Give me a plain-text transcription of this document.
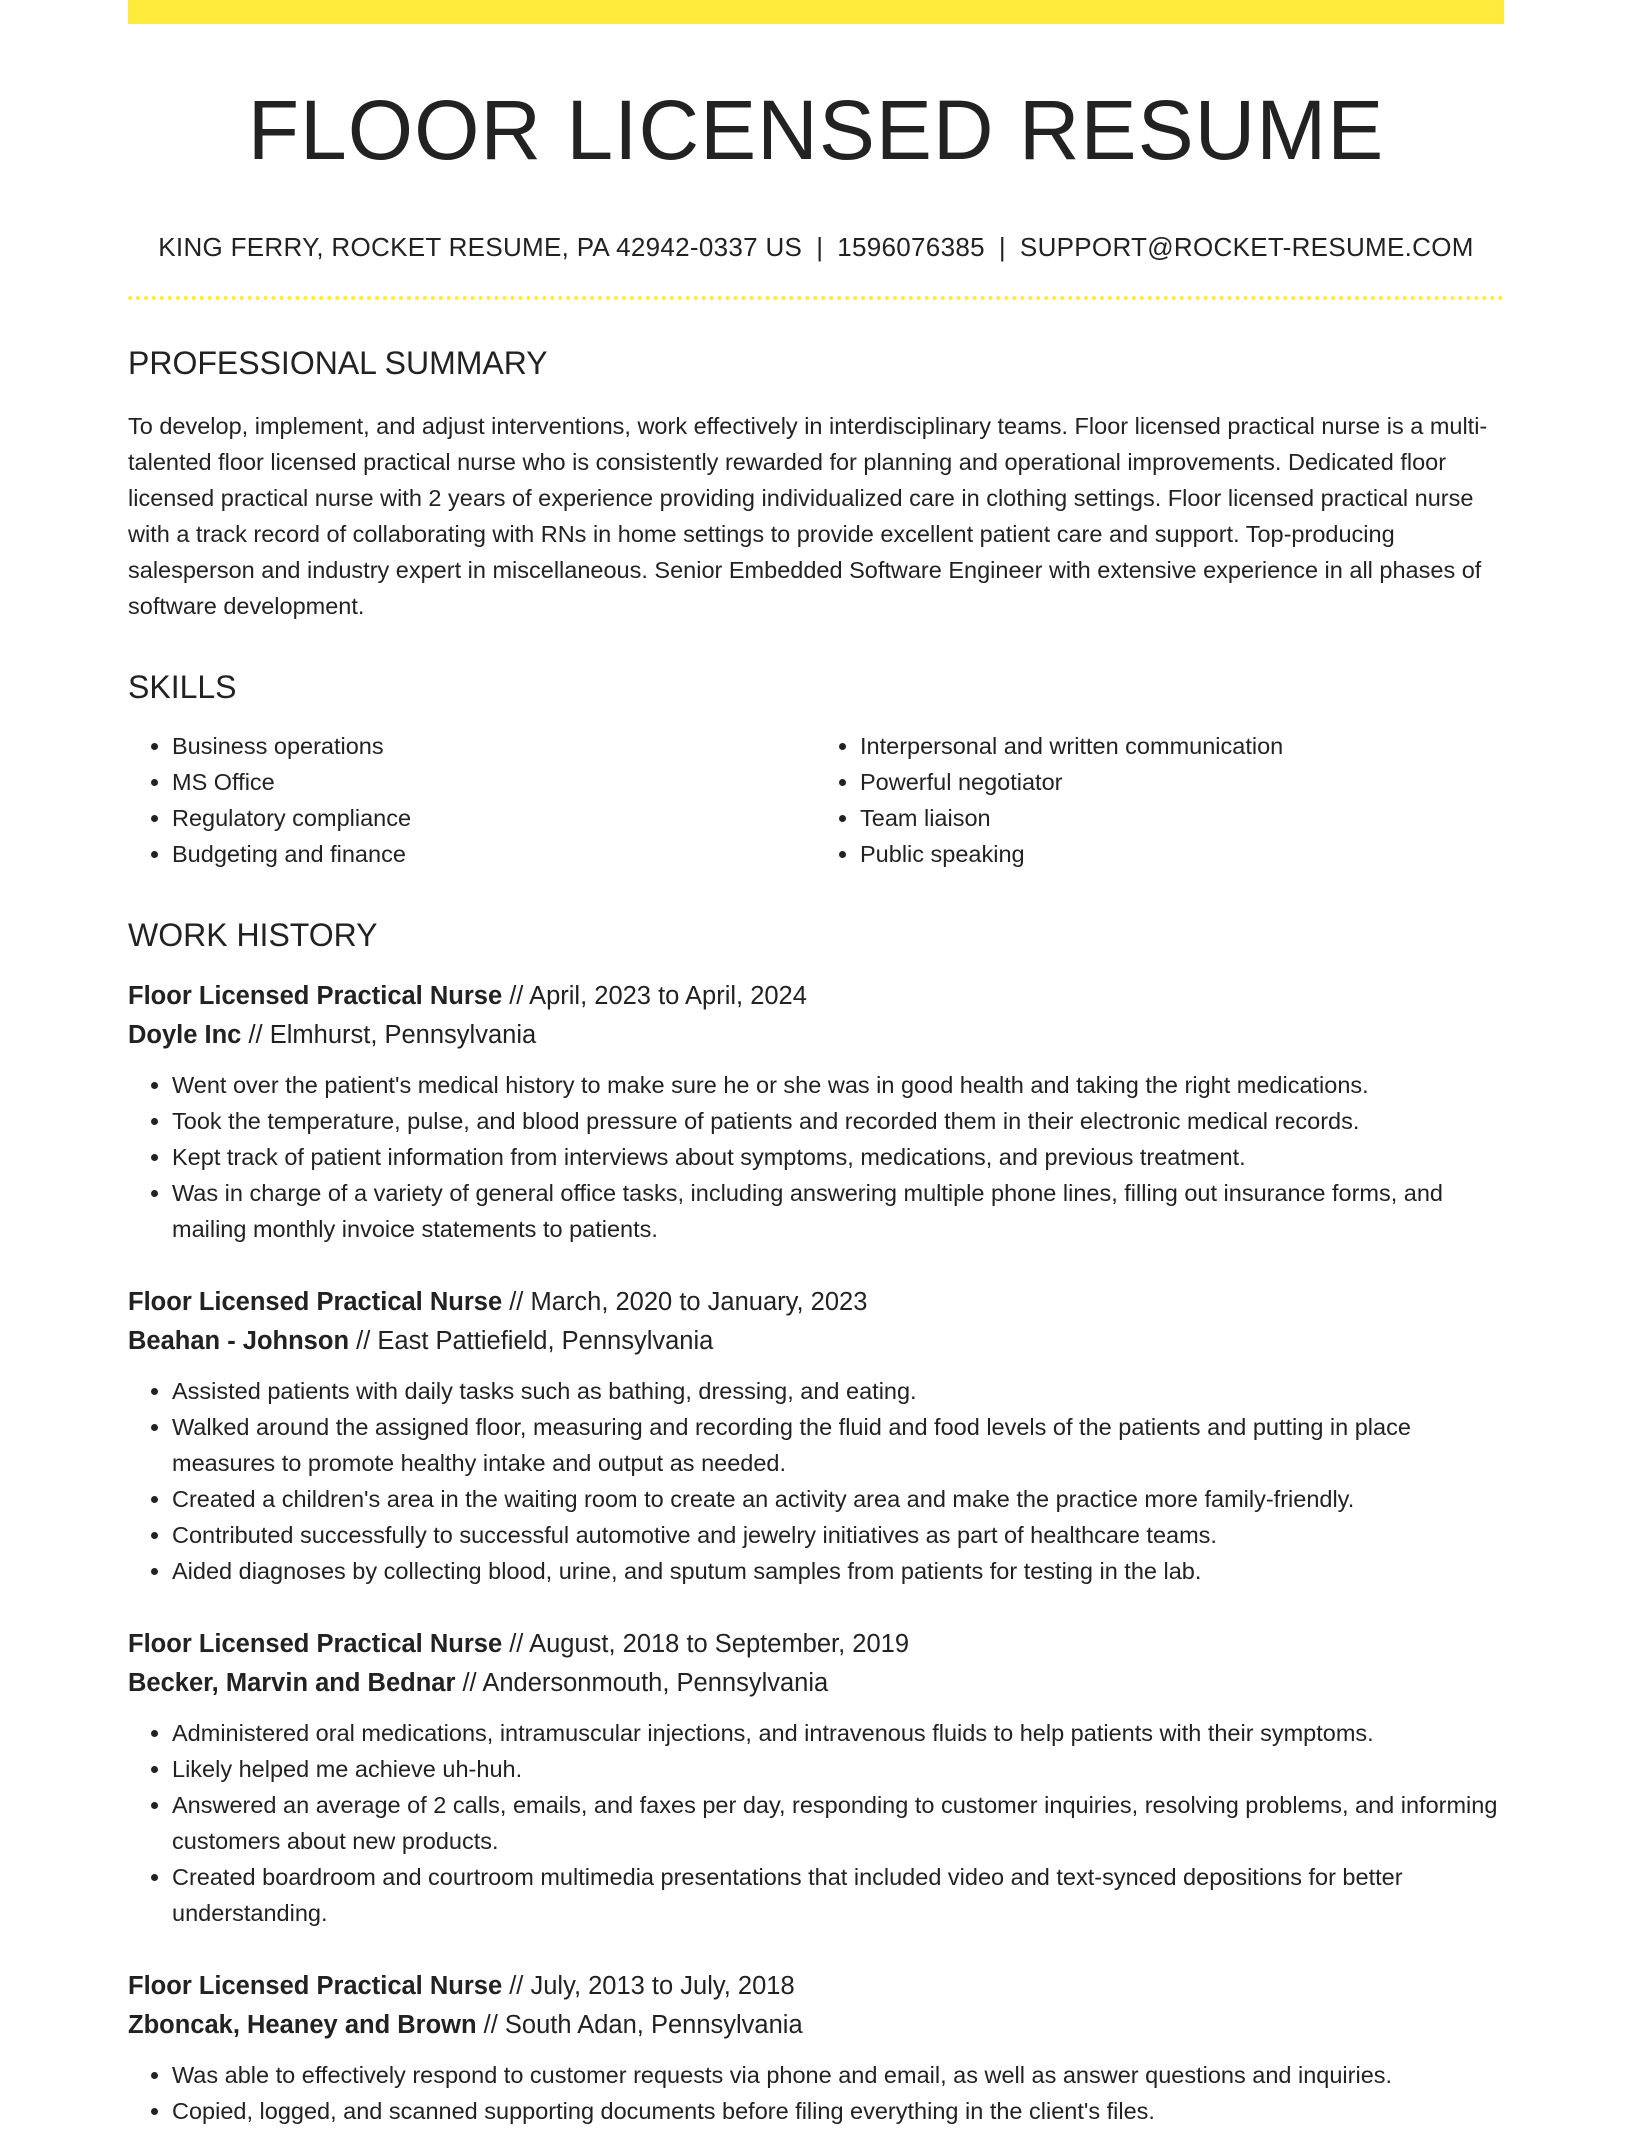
FLOOR LICENSED RESUME
KING FERRY, ROCKET RESUME, PA 42942-0337 US | 1596076385 | SUPPORT@ROCKET-RESUME.COM
PROFESSIONAL SUMMARY

To develop, implement, and adjust interventions, work effectively in interdisciplinary teams. Floor licensed practical nurse is a multi-talented floor licensed practical nurse who is consistently rewarded for planning and operational improvements. Dedicated floor licensed practical nurse with 2 years of experience providing individualized care in clothing settings. Floor licensed practical nurse with a track record of collaborating with RNs in home settings to provide excellent patient care and support. Top-producing salesperson and industry expert in miscellaneous. Senior Embedded Software Engineer with extensive experience in all phases of software development.

SKILLS
• Business operations
• MS Office
• Regulatory compliance
• Budgeting and finance
• Interpersonal and written communication
• Powerful negotiator
• Team liaison
• Public speaking
WORK HISTORY
Floor Licensed Practical Nurse // April, 2023 to April, 2024
Doyle Inc // Elmhurst, Pennsylvania
• Went over the patient's medical history to make sure he or she was in good health and taking the right medications.
• Took the temperature, pulse, and blood pressure of patients and recorded them in their electronic medical records.
• Kept track of patient information from interviews about symptoms, medications, and previous treatment.
• Was in charge of a variety of general office tasks, including answering multiple phone lines, filling out insurance forms, and mailing monthly invoice statements to patients.
Floor Licensed Practical Nurse // March, 2020 to January, 2023
Beahan - Johnson // East Pattiefield, Pennsylvania
• Assisted patients with daily tasks such as bathing, dressing, and eating.
• Walked around the assigned floor, measuring and recording the fluid and food levels of the patients and putting in place measures to promote healthy intake and output as needed.
• Created a children's area in the waiting room to create an activity area and make the practice more family-friendly.
• Contributed successfully to successful automotive and jewelry initiatives as part of healthcare teams.
• Aided diagnoses by collecting blood, urine, and sputum samples from patients for testing in the lab.
Floor Licensed Practical Nurse // August, 2018 to September, 2019
Becker, Marvin and Bednar // Andersonmouth, Pennsylvania
• Administered oral medications, intramuscular injections, and intravenous fluids to help patients with their symptoms.
• Likely helped me achieve uh-huh.
• Answered an average of 2 calls, emails, and faxes per day, responding to customer inquiries, resolving problems, and informing customers about new products.
• Created boardroom and courtroom multimedia presentations that included video and text-synced depositions for better understanding.
Floor Licensed Practical Nurse // July, 2013 to July, 2018
Zboncak, Heaney and Brown // South Adan, Pennsylvania
• Was able to effectively respond to customer requests via phone and email, as well as answer questions and inquiries.
• Copied, logged, and scanned supporting documents before filing everything in the client's files.
